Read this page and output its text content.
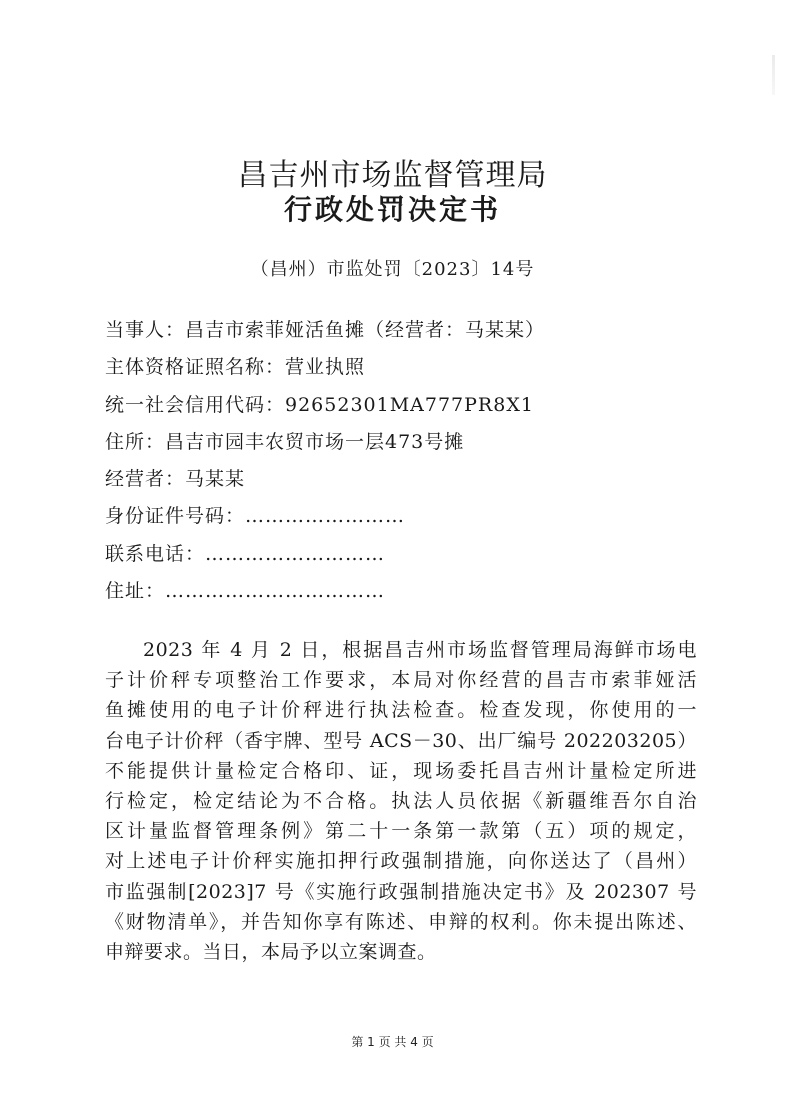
昌吉州市场监督管理局
行政处罚决定书
（昌州）市监处罚〔2023〕14号
当事人：昌吉市索菲娅活鱼摊（经营者：马某某）
主体资格证照名称：营业执照
统一社会信用代码：92652301MA777PR8X1
住所：昌吉市园丰农贸市场一层473号摊
经营者：马某某
身份证件号码：……………………
联系电话：………………………
住址：……………………………
2023 年 4 月 2 日，根据昌吉州市场监督管理局海鲜市场电
子计价秤专项整治工作要求，本局对你经营的昌吉市索菲娅活
鱼摊使用的电子计价秤进行执法检查。检查发现，你使用的一
台电子计价秤（香宇牌、型号 ACS－30、出厂编号 202203205）
不能提供计量检定合格印、证，现场委托昌吉州计量检定所进
行检定，检定结论为不合格。执法人员依据《新疆维吾尔自治
区计量监督管理条例》第二十一条第一款第（五）项的规定，
对上述电子计价秤实施扣押行政强制措施，向你送达了（昌州）
市监强制[2023]7 号《实施行政强制措施决定书》及 202307 号
《财物清单》，并告知你享有陈述、申辩的权利。你未提出陈述、
申辩要求。当日，本局予以立案调查。
第 1 页 共 4 页
